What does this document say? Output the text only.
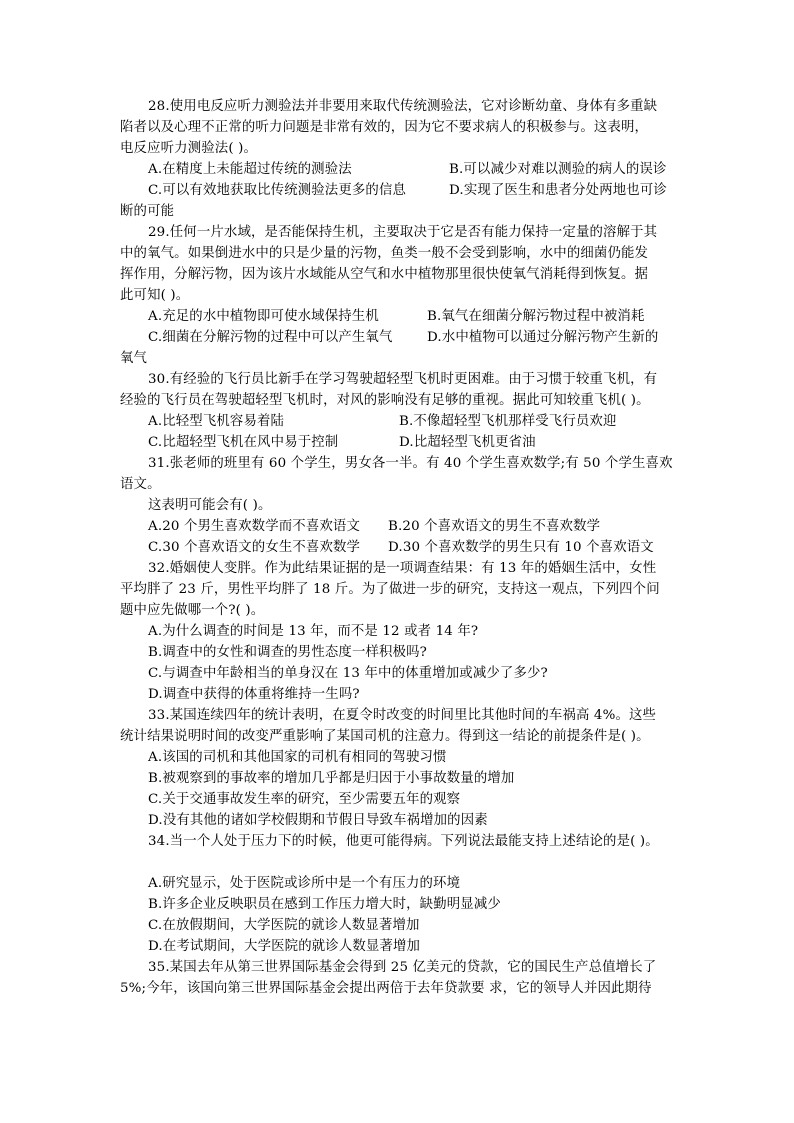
28.使用电反应听力测验法并非要用来取代传统测验法，它对诊断幼童、身体有多重缺
陷者以及心理不正常的听力问题是非常有效的，因为它不要求病人的积极参与。这表明，
电反应听力测验法( )。
A.在精度上未能超过传统的测验法	B.可以减少对难以测验的病人的误诊
C.可以有效地获取比传统测验法更多的信息	D.实现了医生和患者分处两地也可诊
断的可能
29.任何一片水域，是否能保持生机，主要取决于它是否有能力保持一定量的溶解于其
中的氧气。如果倒进水中的只是少量的污物，鱼类一般不会受到影响，水中的细菌仍能发
挥作用，分解污物，因为该片水域能从空气和水中植物那里很快使氧气消耗得到恢复。据
此可知( )。
A.充足的水中植物即可使水域保持生机	B.氧气在细菌分解污物过程中被消耗
C.细菌在分解污物的过程中可以产生氧气	D.水中植物可以通过分解污物产生新的
氧气
30.有经验的飞行员比新手在学习驾驶超轻型飞机时更困难。由于习惯于较重飞机，有
经验的飞行员在驾驶超轻型飞机时，对风的影响没有足够的重视。据此可知较重飞机( )。
A.比轻型飞机容易着陆	B.不像超轻型飞机那样受飞行员欢迎
C.比超轻型飞机在风中易于控制	D.比超轻型飞机更省油
31.张老师的班里有 60 个学生，男女各一半。有 40 个学生喜欢数学;有 50 个学生喜欢
语文。
这表明可能会有( )。
A.20 个男生喜欢数学而不喜欢语文 B.20 个喜欢语文的男生不喜欢数学
C.30 个喜欢语文的女生不喜欢数学 D.30 个喜欢数学的男生只有 10 个喜欢语文
32.婚姻使人变胖。作为此结果证据的是一项调查结果：有 13 年的婚姻生活中，女性
平均胖了 23 斤，男性平均胖了 18 斤。为了做进一步的研究，支持这一观点，下列四个问
题中应先做哪一个?( )。
A.为什么调查的时间是 13 年，而不是 12 或者 14 年?
B.调查中的女性和调查的男性态度一样积极吗?
C.与调查中年龄相当的单身汉在 13 年中的体重增加或减少了多少?
D.调查中获得的体重将维持一生吗?
33.某国连续四年的统计表明，在夏令时改变的时间里比其他时间的车祸高 4%。这些
统计结果说明时间的改变严重影响了某国司机的注意力。得到这一结论的前提条件是( )。
A.该国的司机和其他国家的司机有相同的驾驶习惯
B.被观察到的事故率的增加几乎都是归因于小事故数量的增加
C.关于交通事故发生率的研究，至少需要五年的观察
D.没有其他的诸如学校假期和节假日导致车祸增加的因素
34.当一个人处于压力下的时候，他更可能得病。下列说法最能支持上述结论的是( )。
A.研究显示，处于医院或诊所中是一个有压力的环境
B.许多企业反映职员在感到工作压力增大时，缺勤明显减少
C.在放假期间，大学医院的就诊人数显著增加
D.在考试期间，大学医院的就诊人数显著增加
35.某国去年从第三世界国际基金会得到 25 亿美元的贷款，它的国民生产总值增长了
5%;今年，该国向第三世界国际基金会提出两倍于去年贷款要 求，它的领导人并因此期待
